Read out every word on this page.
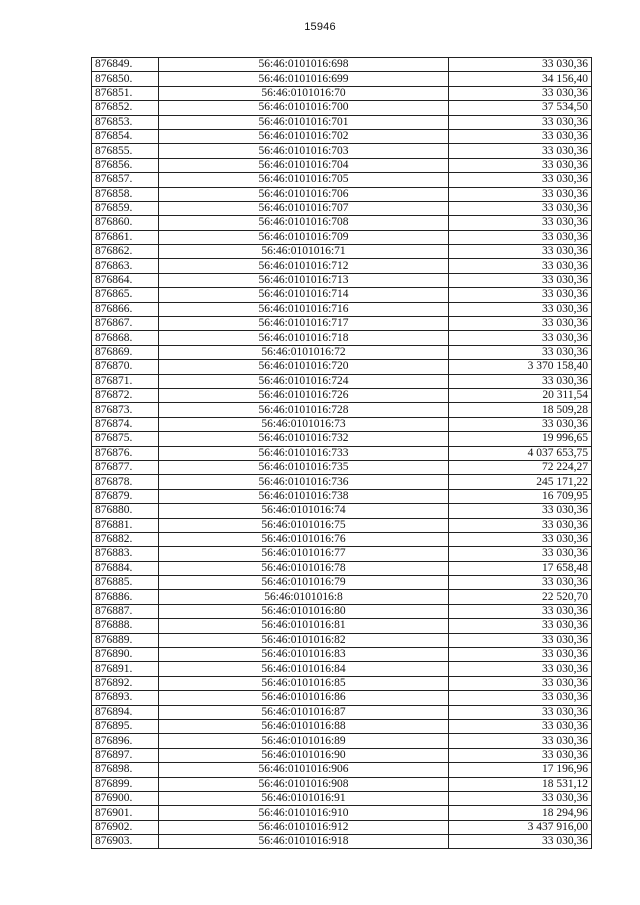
15946
876849.	56:46:0101016:698	33 030,36
876850.	56:46:0101016:699	34 156,40
876851.	56:46:0101016:70	33 030,36
876852.	56:46:0101016:700	37 534,50
876853.	56:46:0101016:701	33 030,36
876854.	56:46:0101016:702	33 030,36
876855.	56:46:0101016:703	33 030,36
876856.	56:46:0101016:704	33 030,36
876857.	56:46:0101016:705	33 030,36
876858.	56:46:0101016:706	33 030,36
876859.	56:46:0101016:707	33 030,36
876860.	56:46:0101016:708	33 030,36
876861.	56:46:0101016:709	33 030,36
876862.	56:46:0101016:71	33 030,36
876863.	56:46:0101016:712	33 030,36
876864.	56:46:0101016:713	33 030,36
876865.	56:46:0101016:714	33 030,36
876866.	56:46:0101016:716	33 030,36
876867.	56:46:0101016:717	33 030,36
876868.	56:46:0101016:718	33 030,36
876869.	56:46:0101016:72	33 030,36
876870.	56:46:0101016:720	3 370 158,40
876871.	56:46:0101016:724	33 030,36
876872.	56:46:0101016:726	20 311,54
876873.	56:46:0101016:728	18 509,28
876874.	56:46:0101016:73	33 030,36
876875.	56:46:0101016:732	19 996,65
876876.	56:46:0101016:733	4 037 653,75
876877.	56:46:0101016:735	72 224,27
876878.	56:46:0101016:736	245 171,22
876879.	56:46:0101016:738	16 709,95
876880.	56:46:0101016:74	33 030,36
876881.	56:46:0101016:75	33 030,36
876882.	56:46:0101016:76	33 030,36
876883.	56:46:0101016:77	33 030,36
876884.	56:46:0101016:78	17 658,48
876885.	56:46:0101016:79	33 030,36
876886.	56:46:0101016:8	22 520,70
876887.	56:46:0101016:80	33 030,36
876888.	56:46:0101016:81	33 030,36
876889.	56:46:0101016:82	33 030,36
876890.	56:46:0101016:83	33 030,36
876891.	56:46:0101016:84	33 030,36
876892.	56:46:0101016:85	33 030,36
876893.	56:46:0101016:86	33 030,36
876894.	56:46:0101016:87	33 030,36
876895.	56:46:0101016:88	33 030,36
876896.	56:46:0101016:89	33 030,36
876897.	56:46:0101016:90	33 030,36
876898.	56:46:0101016:906	17 196,96
876899.	56:46:0101016:908	18 531,12
876900.	56:46:0101016:91	33 030,36
876901.	56:46:0101016:910	18 294,96
876902.	56:46:0101016:912	3 437 916,00
876903.	56:46:0101016:918	33 030,36
